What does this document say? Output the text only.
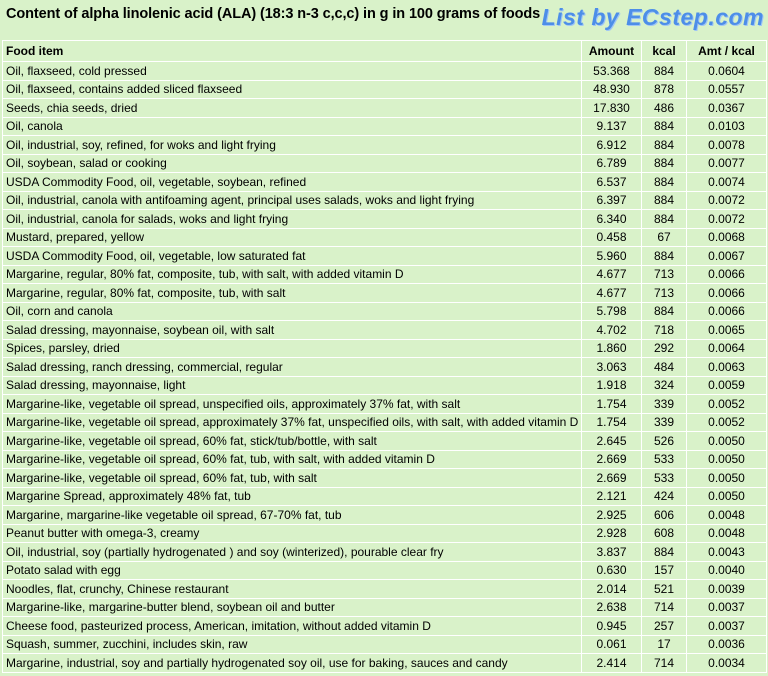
Content of alpha linolenic acid (ALA) (18:3 n-3 c,c,c) in g in 100 grams of foods List by ECstep.com
Food item	Amount	kcal	Amt / kcal
Oil, flaxseed, cold pressed	53.368	884	0.0604
Oil, flaxseed, contains added sliced flaxseed	48.930	878	0.0557
Seeds, chia seeds, dried	17.830	486	0.0367
Oil, canola	9.137	884	0.0103
Oil, industrial, soy, refined, for woks and light frying	6.912	884	0.0078
Oil, soybean, salad or cooking	6.789	884	0.0077
USDA Commodity Food, oil, vegetable, soybean, refined	6.537	884	0.0074
Oil, industrial, canola with antifoaming agent, principal uses salads, woks and light frying	6.397	884	0.0072
Oil, industrial, canola for salads, woks and light frying	6.340	884	0.0072
Mustard, prepared, yellow	0.458	67	0.0068
USDA Commodity Food, oil, vegetable, low saturated fat	5.960	884	0.0067
Margarine, regular, 80% fat, composite, tub, with salt, with added vitamin D	4.677	713	0.0066
Margarine, regular, 80% fat, composite, tub, with salt	4.677	713	0.0066
Oil, corn and canola	5.798	884	0.0066
Salad dressing, mayonnaise, soybean oil, with salt	4.702	718	0.0065
Spices, parsley, dried	1.860	292	0.0064
Salad dressing, ranch dressing, commercial, regular	3.063	484	0.0063
Salad dressing, mayonnaise, light	1.918	324	0.0059
Margarine-like, vegetable oil spread, unspecified oils, approximately 37% fat, with salt	1.754	339	0.0052
Margarine-like, vegetable oil spread, approximately 37% fat, unspecified oils, with salt, with added vitamin D	1.754	339	0.0052
Margarine-like, vegetable oil spread, 60% fat, stick/tub/bottle, with salt	2.645	526	0.0050
Margarine-like, vegetable oil spread, 60% fat, tub, with salt, with added vitamin D	2.669	533	0.0050
Margarine-like, vegetable oil spread, 60% fat, tub, with salt	2.669	533	0.0050
Margarine Spread, approximately 48% fat, tub	2.121	424	0.0050
Margarine, margarine-like vegetable oil spread, 67-70% fat, tub	2.925	606	0.0048
Peanut butter with omega-3, creamy	2.928	608	0.0048
Oil, industrial, soy (partially hydrogenated ) and soy (winterized), pourable clear fry	3.837	884	0.0043
Potato salad with egg	0.630	157	0.0040
Noodles, flat, crunchy, Chinese restaurant	2.014	521	0.0039
Margarine-like, margarine-butter blend, soybean oil and butter	2.638	714	0.0037
Cheese food, pasteurized process, American, imitation, without added vitamin D	0.945	257	0.0037
Squash, summer, zucchini, includes skin, raw	0.061	17	0.0036
Margarine, industrial, soy and partially hydrogenated soy oil, use for baking, sauces and candy	2.414	714	0.0034
